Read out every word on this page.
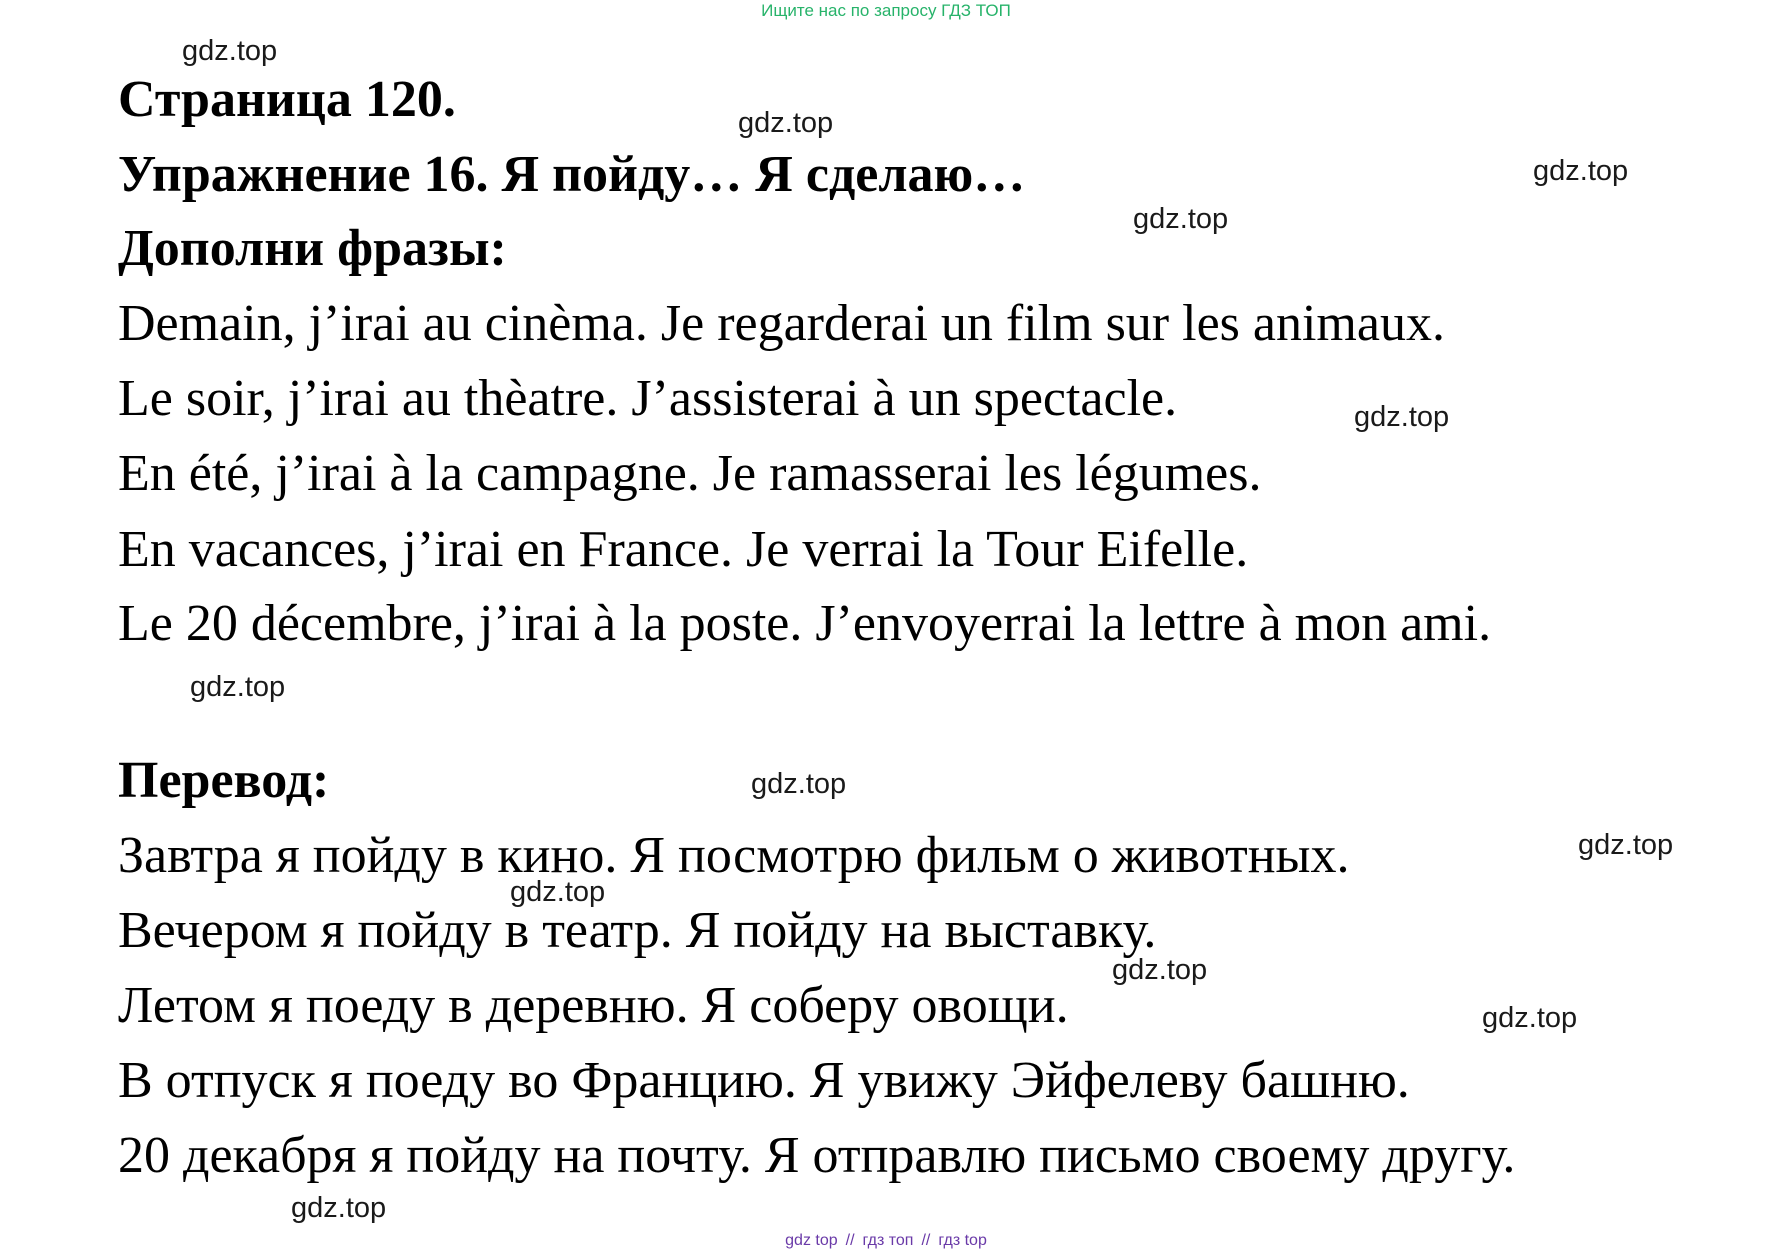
Ищите нас по запросу ГДЗ ТОП
Страница 120.
Упражнение 16. Я пойду… Я сделаю…
Дополни фразы:
Demain, j’irai au cinèma. Je regarderai un film sur les animaux.
Le soir, j’irai au thèatre. J’assisterai à un spectacle.
En été, j’irai à la campagne. Je ramasserai les légumes.
En vacances, j’irai en France. Je verrai la Tour Eifelle.
Le 20 décembre, j’irai à la poste. J’envoyerrai la lettre à mon ami.
Перевод:
Завтра я пойду в кино. Я посмотрю фильм о животных.
Вечером я пойду в театр. Я пойду на выставку.
Летом я поеду в деревню. Я соберу овощи.
В отпуск я поеду во Францию. Я увижу Эйфелеву башню.
20 декабря я пойду на почту. Я отправлю письмо своему другу.
gdz.top
gdz.top
gdz.top
gdz.top
gdz.top
gdz.top
gdz.top
gdz.top
gdz.top
gdz.top
gdz.top
gdz.top
gdz top // гдз топ // гдз top
